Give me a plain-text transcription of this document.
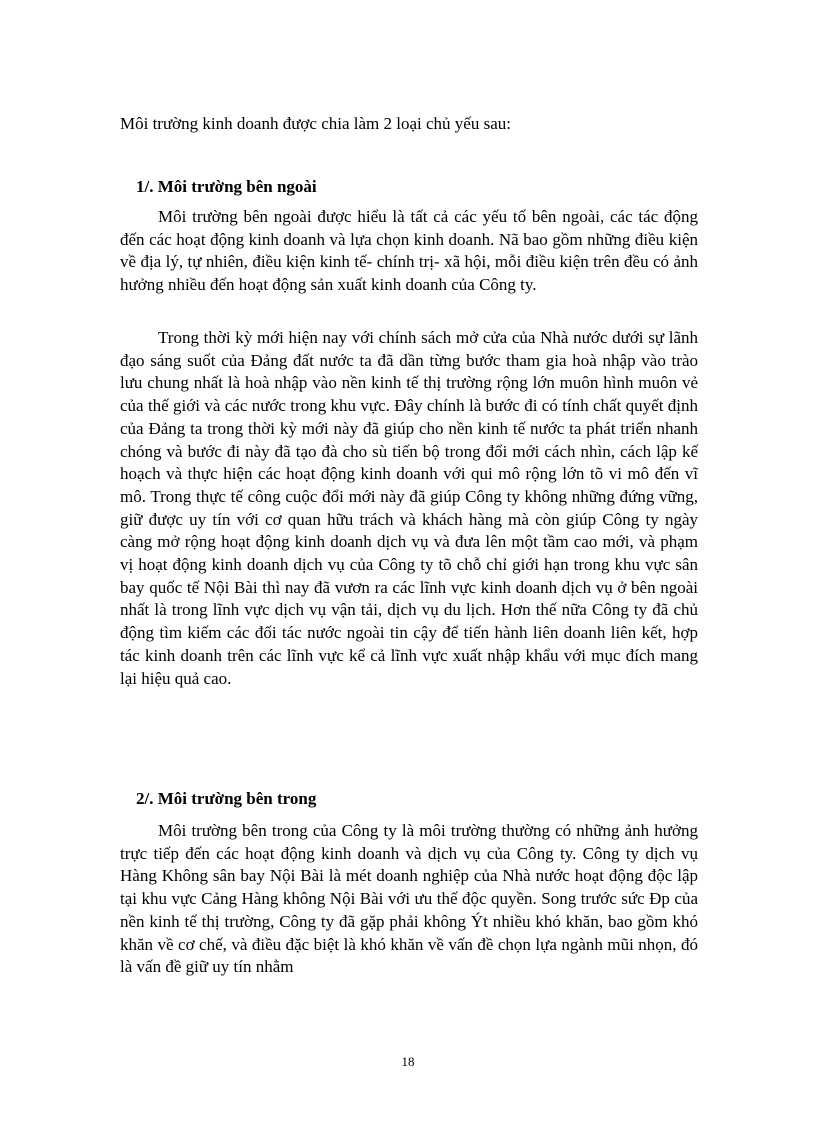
Môi trường kinh doanh được chia làm 2 loại chủ yếu sau:

1/. Môi trường bên ngoài

Môi trường bên ngoài được hiểu là tất cả các yếu tố bên ngoài, các tác động đến các hoạt động kinh doanh và lựa chọn kinh doanh. Nã bao gồm những điều kiện về địa lý, tự nhiên, điều kiện kinh tế- chính trị- xã hội, mỗi điều kiện trên đều có ảnh hưởng nhiều đến hoạt động sản xuất kinh doanh của Công ty.

Trong thời kỳ mới hiện nay với chính sách mở cửa của Nhà nước dưới sự lãnh đạo sáng suốt của Đảng đất nước ta đã dần từng bước tham gia hoà nhập vào trào lưu chung nhất là hoà nhập vào nền kinh tế thị trường rộng lớn muôn hình muôn vẻ của thế giới và các nước trong khu vực. Đây chính là bước đi có tính chất quyết định của Đảng ta trong thời kỳ mới này đã giúp cho nền kinh tế nước ta phát triển nhanh chóng và bước đi này đã tạo đà cho sù tiến bộ trong đổi mới cách nhìn, cách lập kế hoạch và thực hiện các hoạt động kinh doanh với qui mô rộng lớn tõ vi mô đến vĩ mô. Trong thực tế công cuộc đổi mới này đã giúp Công ty không những đứng vững, giữ được uy tín với cơ quan hữu trách và khách hàng mà còn giúp Công ty ngày càng mở rộng hoạt động kinh doanh dịch vụ và đưa lên một tầm cao mới, và phạm vị hoạt động kinh doanh dịch vụ của Công ty tõ chỗ chỉ giới hạn trong khu vực sân bay quốc tế Nội Bài thì nay đã vươn ra các lĩnh vực kinh doanh dịch vụ ở bên ngoài nhất là trong lĩnh vực dịch vụ vận tải, dịch vụ du lịch. Hơn thế nữa Công ty đã chủ động tìm kiếm các đối tác nước ngoài tin cậy để tiến hành liên doanh liên kết, hợp tác kinh doanh trên các lĩnh vực kể cả lĩnh vực xuất nhập khẩu với mục đích mang lại hiệu quả cao.

2/. Môi trường bên trong

Môi trường bên trong của Công ty là môi trường thường có những ảnh hưởng trực tiếp đến các hoạt động kinh doanh và dịch vụ của Công ty. Công ty dịch vụ Hàng Không sân bay Nội Bài là mét doanh nghiệp của Nhà nước hoạt động độc lập tại khu vực Cảng Hàng không Nội Bài với ưu thế độc quyền. Song trước sức Ðp của nền kinh tế thị trường, Công ty đã gặp phải không Ýt nhiều khó khăn, bao gồm khó khăn về cơ chế, và điều đặc biệt là khó khăn về vấn đề chọn lựa ngành mũi nhọn, đó là vấn đề giữ uy tín nhằm

18
